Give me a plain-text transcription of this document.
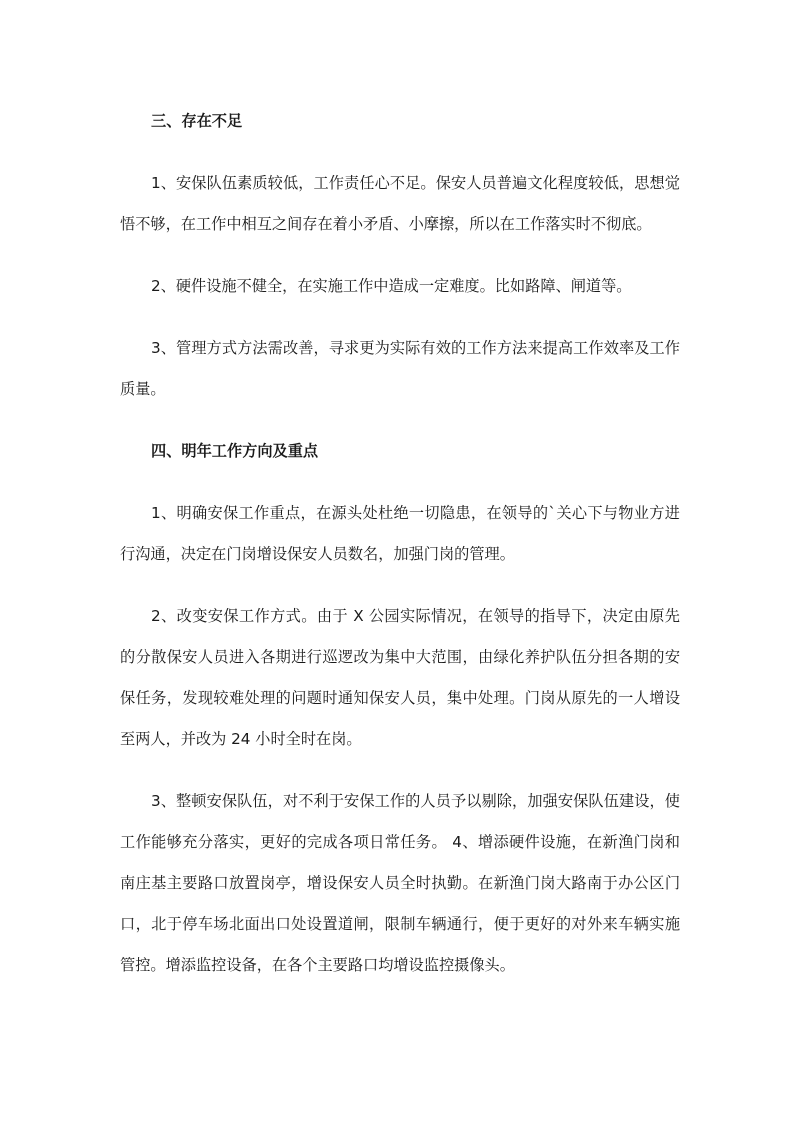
三、存在不足

1、安保队伍素质较低，工作责任心不足。保安人员普遍文化程度较低，思想觉悟不够，在工作中相互之间存在着小矛盾、小摩擦，所以在工作落实时不彻底。

2、硬件设施不健全，在实施工作中造成一定难度。比如路障、闸道等。

3、管理方式方法需改善，寻求更为实际有效的工作方法来提高工作效率及工作质量。

四、明年工作方向及重点

1、明确安保工作重点，在源头处杜绝一切隐患，在领导的`关心下与物业方进行沟通，决定在门岗增设保安人员数名，加强门岗的管理。

2、改变安保工作方式。由于 X 公园实际情况，在领导的指导下，决定由原先的分散保安人员进入各期进行巡逻改为集中大范围，由绿化养护队伍分担各期的安保任务，发现较难处理的问题时通知保安人员，集中处理。门岗从原先的一人增设至两人，并改为 24 小时全时在岗。

3、整顿安保队伍，对不利于安保工作的人员予以剔除，加强安保队伍建设，使工作能够充分落实，更好的完成各项日常任务。 4、增添硬件设施，在新渔门岗和南庄基主要路口放置岗亭，增设保安人员全时执勤。在新渔门岗大路南于办公区门口，北于停车场北面出口处设置道闸，限制车辆通行，便于更好的对外来车辆实施管控。增添监控设备，在各个主要路口均增设监控摄像头。
